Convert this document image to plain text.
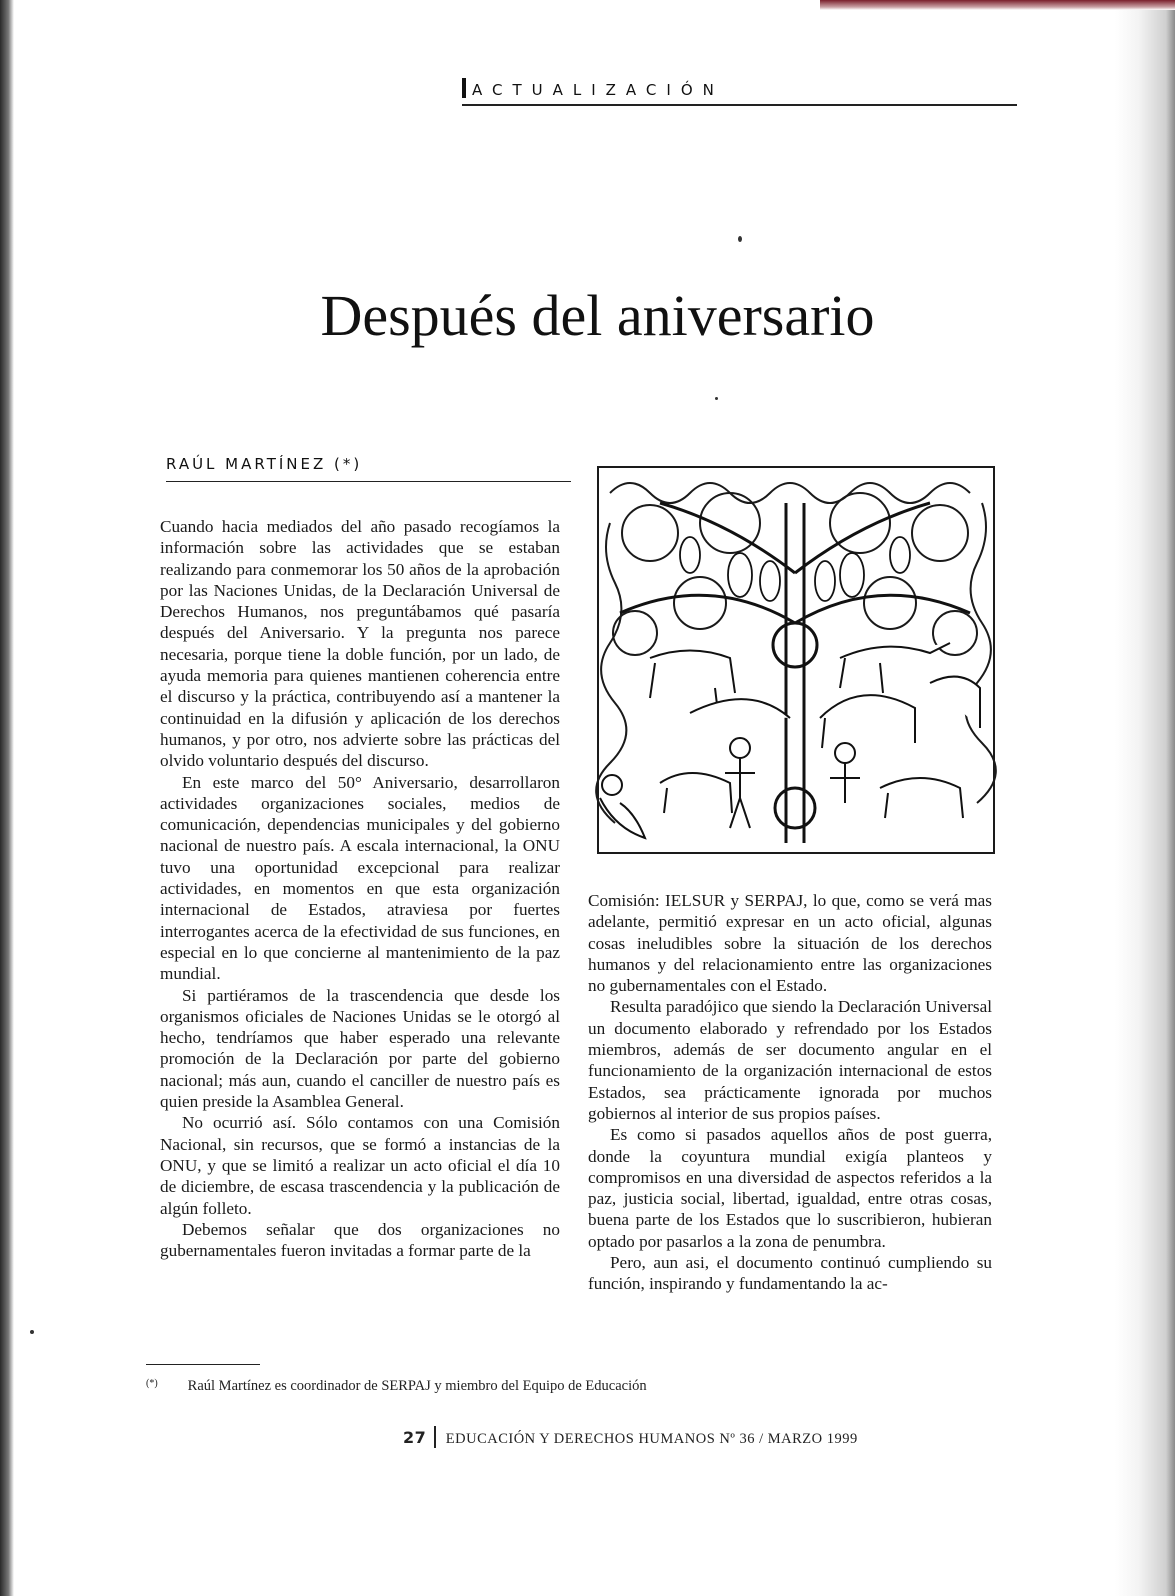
ACTUALIZACIÓN
Después del aniversario
RAÚL MARTÍNEZ (*)

Cuando hacia mediados del año pasado recogíamos la información sobre las actividades que se estaban realizando para conmemorar los 50 años de la aprobación por las Naciones Unidas, de la Declaración Universal de Derechos Humanos, nos preguntábamos qué pasaría después del Aniversario. Y la pregunta nos parece necesaria, porque tiene la doble función, por un lado, de ayuda memoria para quienes mantienen coherencia entre el discurso y la práctica, contribuyendo así a mantener la continuidad en la difusión y aplicación de los derechos humanos, y por otro, nos advierte sobre las prácticas del olvido voluntario después del discurso.

En este marco del 50° Aniversario, desarrollaron actividades organizaciones sociales, medios de comunicación, dependencias municipales y del gobierno nacional de nuestro país. A escala internacional, la ONU tuvo una oportunidad excepcional para realizar actividades, en momentos en que esta organización internacional de Estados, atraviesa por fuertes interrogantes acerca de la efectividad de sus funciones, en especial en lo que concierne al mantenimiento de la paz mundial.

Si partiéramos de la trascendencia que desde los organismos oficiales de Naciones Unidas se le otorgó al hecho, tendríamos que haber esperado una relevante promoción de la Declaración por parte del gobierno nacional; más aun, cuando el canciller de nuestro país es quien preside la Asamblea General.

No ocurrió así. Sólo contamos con una Comisión Nacional, sin recursos, que se formó a instancias de la ONU, y que se limitó a realizar un acto oficial el día 10 de diciembre, de escasa trascendencia y la publicación de algún folleto.

Debemos señalar que dos organizaciones no gubernamentales fueron invitadas a formar parte de la

Comisión: IELSUR y SERPAJ, lo que, como se verá mas adelante, permitió expresar en un acto oficial, algunas cosas ineludibles sobre la situación de los derechos humanos y del relacionamiento entre las organizaciones no gubernamentales con el Estado.

Resulta paradójico que siendo la Declaración Universal un documento elaborado y refrendado por los Estados miembros, además de ser documento angular en el funcionamiento de la organización internacional de estos Estados, sea prácticamente ignorada por muchos gobiernos al interior de sus propios países.

Es como si pasados aquellos años de post guerra, donde la coyuntura mundial exigía planteos y compromisos en una diversidad de aspectos referidos a la paz, justicia social, libertad, igualdad, entre otras cosas, buena parte de los Estados que lo suscribieron, hubieran optado por pasarlos a la zona de penumbra.

Pero, aun asi, el documento continuó cumpliendo su función, inspirando y fundamentando la ac-

(*) Raúl Martínez es coordinador de SERPAJ y miembro del Equipo de Educación
27 EDUCACIÓN Y DERECHOS HUMANOS Nº 36 / MARZO 1999
